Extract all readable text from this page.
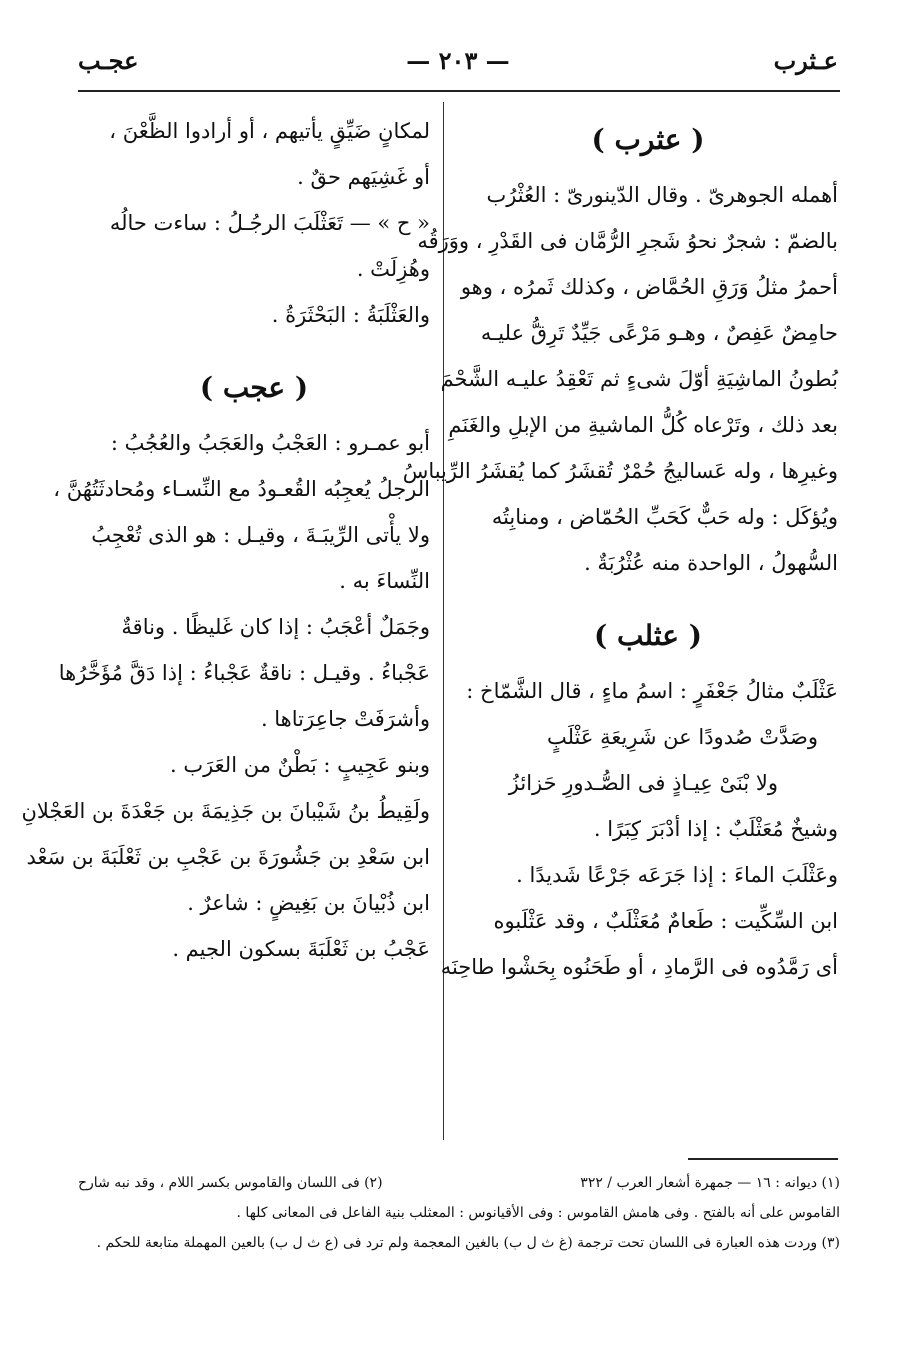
عـثرب
— ٢٠٣ —
عجـب
( عثرب )
أهمله الجوهرىّ . وقال الدّينورىّ : العُثْرُب
بالضمّ : شجرٌ نحوُ شَجرِ الرُّمَّان فى القَدْرِ ، ووَرَقُه
أحمرُ مثلُ وَرَقِ الحُمَّاض ، وكذلك ثَمرُه ، وهو
حامِضٌ عَفِصٌ ، وهـو مَرْعًى جَيِّدٌ تَرِقُّ عليـه
بُطونُ الماشِيَةِ أوّلَ شىءٍ ثم تَعْقِدُ عليـه الشَّحْمَ
بعد ذلك ، وتَرْعاه كُلُّ الماشيةِ من الإبلِ والغَنَمِ
وغيرِها ، وله عَساليجُ حُمْرٌ تُقشَرُ كما يُقشَرُ الرِّيباسُ
ويُؤكَل : وله حَبٌّ كَحَبِّ الحُمّاض ، ومنابِتُه
السُّهولُ ، الواحدة منه عُثْرُبَةٌ .
( عثلب )
عَثْلَبٌ مثالُ جَعْفَرٍ : اسمُ ماءٍ ، قال الشَّمّاخ :
وصَدَّتْ صُدودًا عن شَرِيعَةِ عَثْلَبٍ
ولا بْنَىْ عِيـاذٍ فى الصُّـدورِ حَزائزُ
وشيخٌ مُعَثْلَبٌ : إذا أدْبَرَ كِبَرًا .
وعَثْلَبَ الماءَ : إذا جَرَعَه جَرْعًا شَديدًا .
ابن السِّكِّيت : طَعامٌ مُعَثْلَبٌ ، وقد عَثْلَبوه
أى رَمَّدُوه فى الرَّمادِ ، أو طَحَنُوه بِحَشْوا طاحِنَه
لمكانٍ ضَيِّقٍ يأتيهم ، أو أرادوا الظَّعْنَ ،
أو غَشِيَهم حقٌ .
« ح » — تَعَثْلَبَ الرجُـلُ : ساءت حالُه
وهُزِلَتْ .
والعَثْلَبَةُ : البَحْثَرَةُ .
( عجب )
أبو عمـرو : العَجْبُ والعَجَبُ والعُجُبُ :
الرجلُ يُعجِبُه القُعـودُ مع النِّسـاء ومُحادثَتُهُنَّ ،
ولا يأْتى الرِّيبَـةَ ، وقيـل : هو الذى تُعْجِبُ
النِّساءَ به .
وجَمَلٌ أعْجَبُ : إذا كان غَليظًا . وناقةٌ
عَجْباءُ . وقيـل : ناقةٌ عَجْباءُ : إذا دَقَّ مُؤَخَّرُها
وأشرَفَتْ جاعِرَتاها .
وبنو عَجِيبٍ : بَطْنٌ من العَرَب .
ولَقِيطُ بنُ شَيْبانَ بن جَذِيمَةَ بن جَعْدَةَ بن العَجْلانِ
ابن سَعْدِ بن جَشُورَةَ بن عَجْبِ بن ثَعْلَبَةَ بن سَعْد
ابن ذُبْيانَ بن بَغِيضٍ : شاعرٌ .
عَجْبُ بن ثَعْلَبَةَ بسكون الجيم .
(١) ديوانه : ١٦ — جمهرة أشعار العرب / ٣٢٢
(٢) فى اللسان والقاموس بكسر اللام ، وقد نبه شارح
القاموس على أنه بالفتح . وفى هامش القاموس : وفى الأقيانوس : المعثلب بنية الفاعل فى المعانى كلها .
(٣) وردت هذه العبارة فى اللسان تحت ترجمة (غ ث ل ب) بالغين المعجمة ولم ترد فى (ع ث ل ب) بالعين المهملة متابعة للحكم .
